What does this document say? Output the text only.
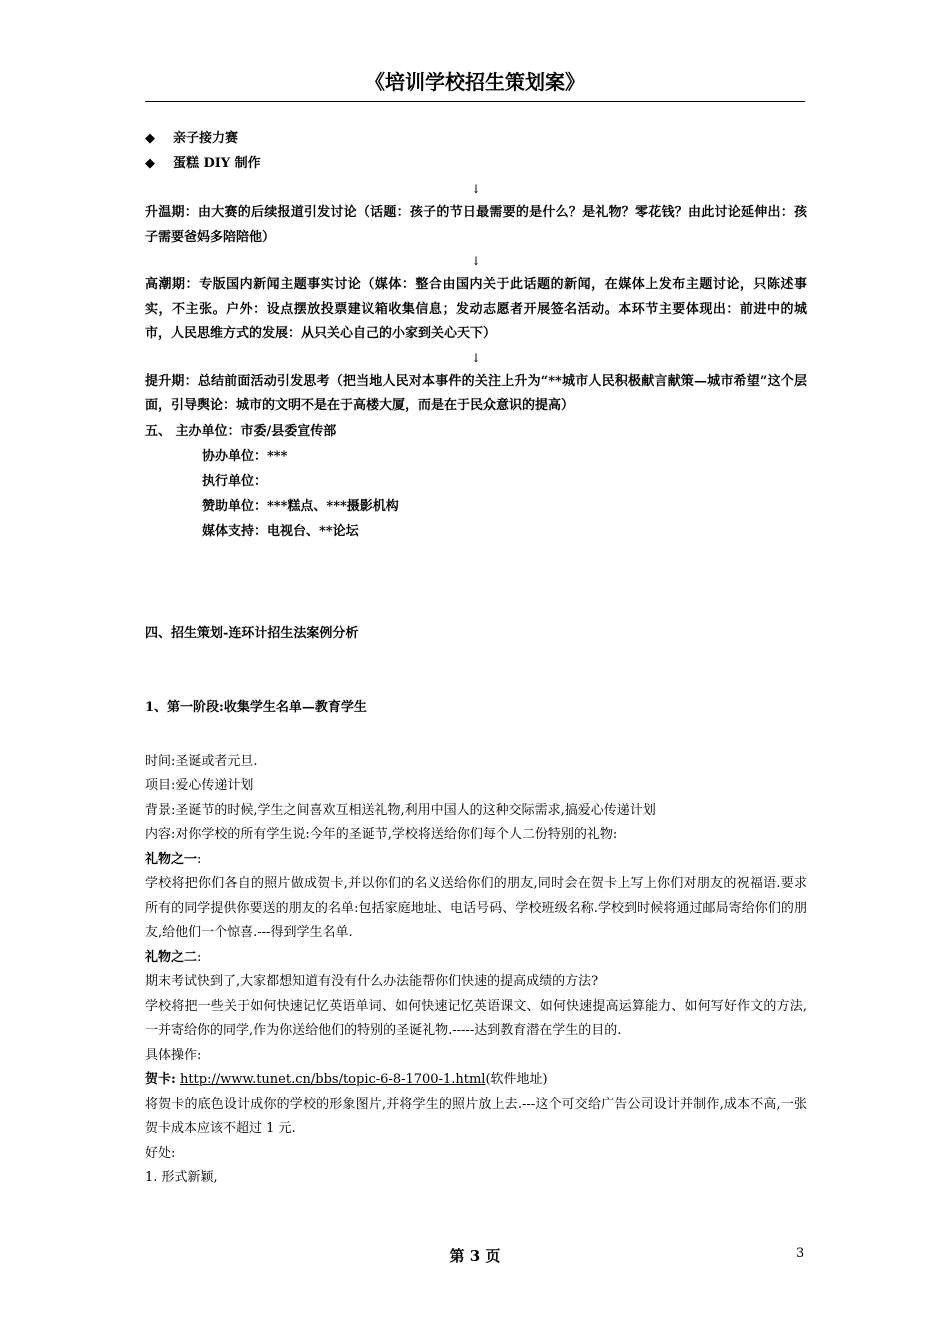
《培训学校招生策划案》
◆ 亲子接力赛
◆ 蛋糕 DIY 制作
↓
升温期：由大赛的后续报道引发讨论（话题：孩子的节日最需要的是什么？是礼物？零花钱？由此讨论延伸出：孩子需要爸妈多陪陪他）
↓
高潮期：专版国内新闻主题事实讨论（媒体：整合由国内关于此话题的新闻，在媒体上发布主题讨论，只陈述事实，不主张。户外：设点摆放投票建议箱收集信息；发动志愿者开展签名活动。本环节主要体现出：前进中的城市，人民思维方式的发展：从只关心自己的小家到关心天下）
↓
提升期：总结前面活动引发思考（把当地人民对本事件的关注上升为“**城市人民积极献言献策—城市希望”这个层面，引导舆论：城市的文明不是在于高楼大厦，而是在于民众意识的提高）
五、 主办单位：市委/县委宣传部
协办单位：***
执行单位：
赞助单位：***糕点、***摄影机构
媒体支持：电视台、**论坛
四、招生策划-连环计招生法案例分析
1、第一阶段:收集学生名单—教育学生
时间:圣诞或者元旦.
项目:爱心传递计划
背景:圣诞节的时候,学生之间喜欢互相送礼物,利用中国人的这种交际需求,搞爱心传递计划
内容:对你学校的所有学生说:今年的圣诞节,学校将送给你们每个人二份特别的礼物:
礼物之一:
学校将把你们各自的照片做成贺卡,并以你们的名义送给你们的朋友,同时会在贺卡上写上你们对朋友的祝福语.要求所有的同学提供你要送的朋友的名单:包括家庭地址、电话号码、学校班级名称.学校到时候将通过邮局寄给你们的朋友,给他们一个惊喜.---得到学生名单.
礼物之二:
期末考试快到了,大家都想知道有没有什么办法能帮你们快速的提高成绩的方法?
学校将把一些关于如何快速记忆英语单词、如何快速记忆英语课文、如何快速提高运算能力、如何写好作文的方法,一并寄给你的同学,作为你送给他们的特别的圣诞礼物.-----达到教育潜在学生的目的.
具体操作:
贺卡: http://www.tunet.cn/bbs/topic-6-8-1700-1.html(软件地址)
将贺卡的底色设计成你的学校的形象图片,并将学生的照片放上去.---这个可交给广告公司设计并制作,成本不高,一张贺卡成本应该不超过 1 元.
好处:
1. 形式新颖,
第 3 页	3
